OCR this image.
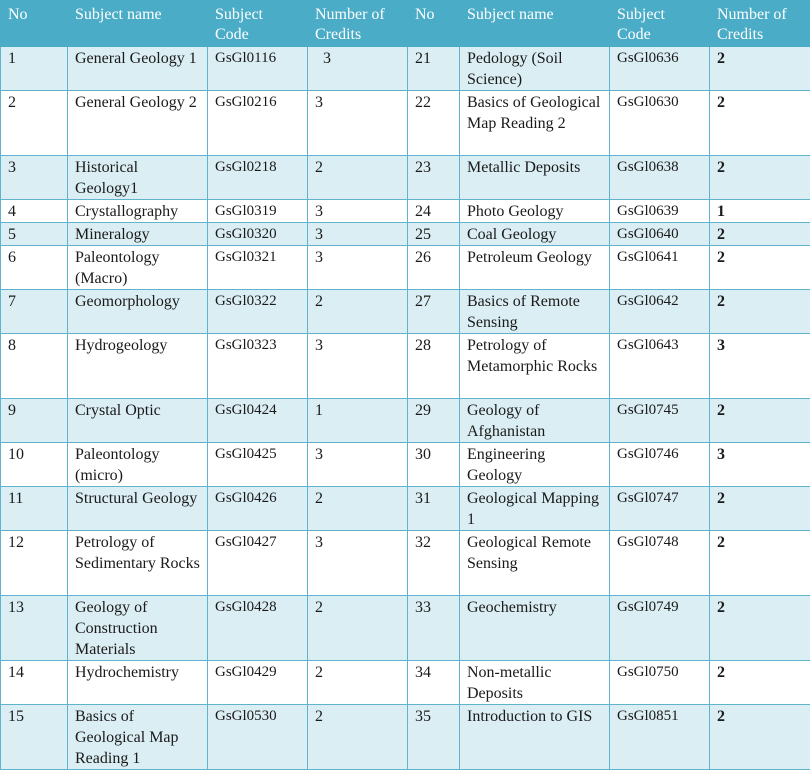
No	Subject name	Subject Code	Number of Credits	No	Subject name	Subject Code	Number of Credits
1	General Geology 1	GsGl0116	3	21	Pedology (Soil Science)	GsGl0636	2
2	General Geology 2	GsGl0216	3	22	Basics of Geological Map Reading 2	GsGl0630	2
3	Historical Geology1	GsGl0218	2	23	Metallic Deposits	GsGl0638	2
4	Crystallography	GsGl0319	3	24	Photo Geology	GsGl0639	1
5	Mineralogy	GsGl0320	3	25	Coal Geology	GsGl0640	2
6	Paleontology (Macro)	GsGl0321	3	26	Petroleum Geology	GsGl0641	2
7	Geomorphology	GsGl0322	2	27	Basics of Remote Sensing	GsGl0642	2
8	Hydrogeology	GsGl0323	3	28	Petrology of Metamorphic Rocks	GsGl0643	3
9	Crystal Optic	GsGl0424	1	29	Geology of Afghanistan	GsGl0745	2
10	Paleontology (micro)	GsGl0425	3	30	Engineering Geology	GsGl0746	3
11	Structural Geology	GsGl0426	2	31	Geological Mapping 1	GsGl0747	2
12	Petrology of Sedimentary Rocks	GsGl0427	3	32	Geological Remote Sensing	GsGl0748	2
13	Geology of Construction Materials	GsGl0428	2	33	Geochemistry	GsGl0749	2
14	Hydrochemistry	GsGl0429	2	34	Non-metallic Deposits	GsGl0750	2
15	Basics of Geological Map Reading 1	GsGl0530	2	35	Introduction to GIS	GsGl0851	2
